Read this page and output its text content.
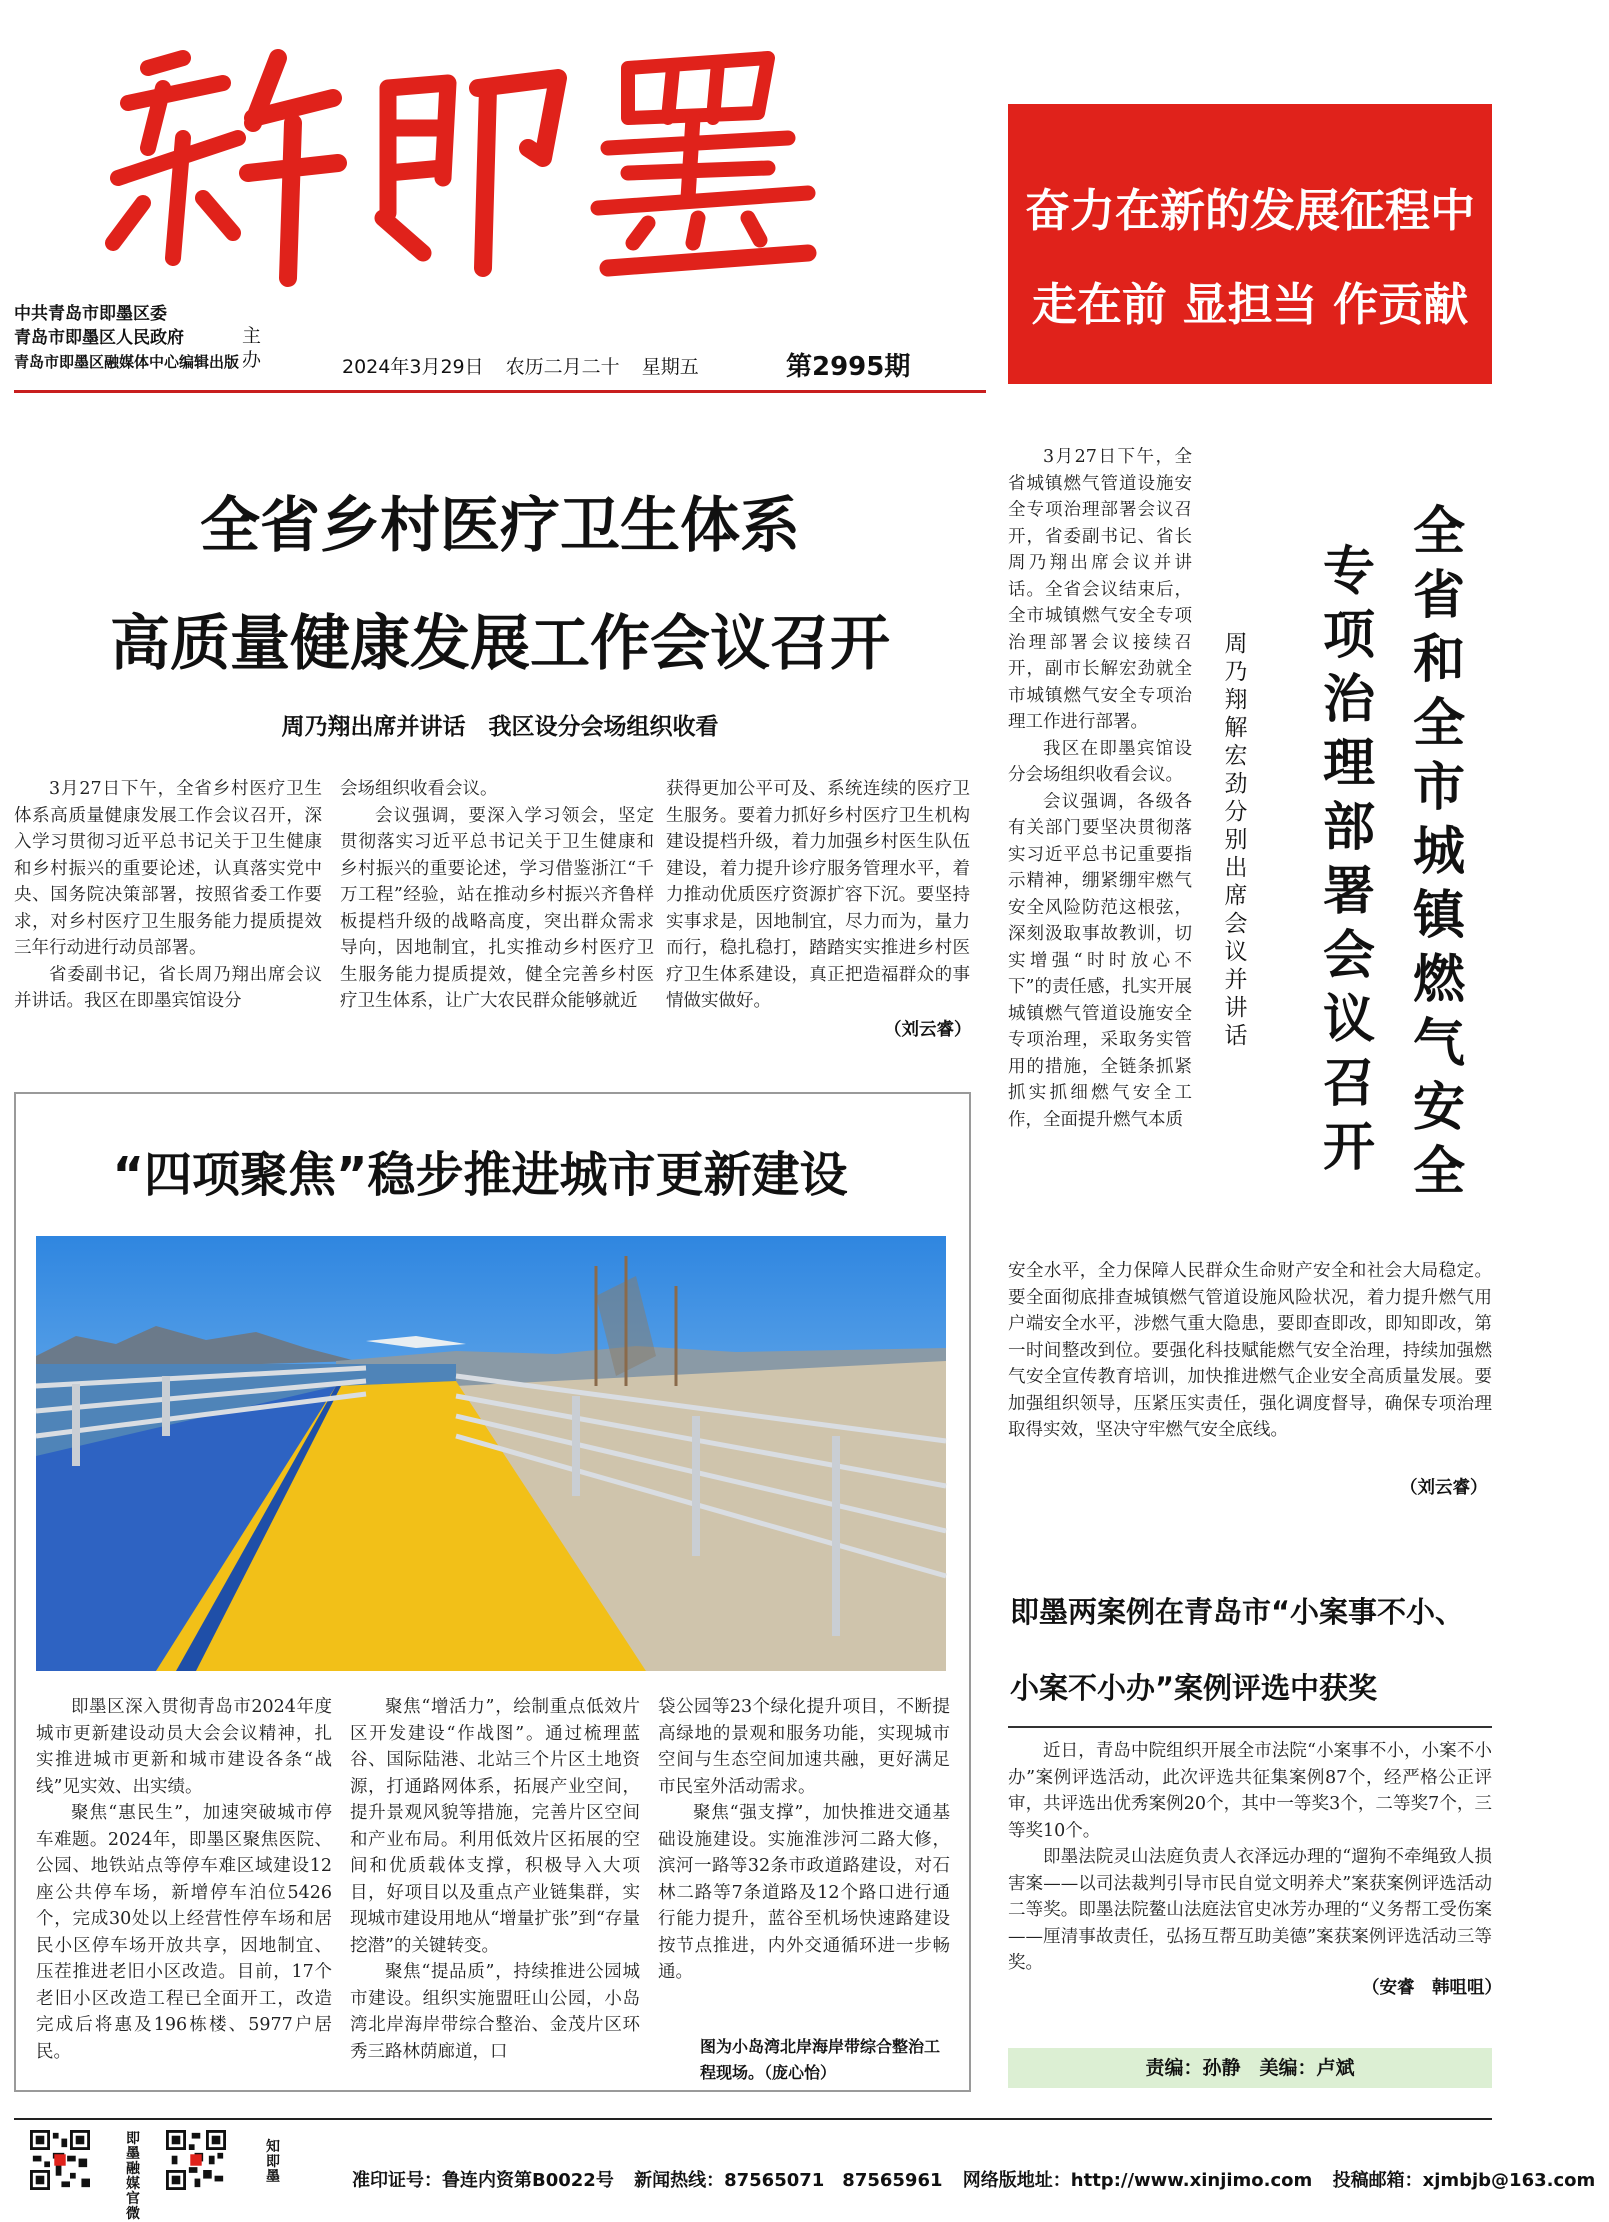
中共青岛市即墨区委
青岛市即墨区人民政府
青岛市即墨区融媒体中心编辑出版
主办	2024年3月29日 农历二月二十 星期五	第2995期
奋力在新的发展征程中
走在前 显担当 作贡献
全省乡村医疗卫生体系
高质量健康发展工作会议召开
周乃翔出席并讲话　我区设分会场组织收看

3月27日下午，全省乡村医疗卫生体系高质量健康发展工作会议召开，深入学习贯彻习近平总书记关于卫生健康和乡村振兴的重要论述，认真落实党中央、国务院决策部署，按照省委工作要求，对乡村医疗卫生服务能力提质提效三年行动进行动员部署。

省委副书记，省长周乃翔出席会议并讲话。我区在即墨宾馆设分

会场组织收看会议。

会议强调，要深入学习领会，坚定贯彻落实习近平总书记关于卫生健康和乡村振兴的重要论述，学习借鉴浙江“千万工程”经验，站在推动乡村振兴齐鲁样板提档升级的战略高度，突出群众需求导向，因地制宜，扎实推动乡村医疗卫生服务能力提质提效，健全完善乡村医疗卫生体系，让广大农民群众能够就近

获得更加公平可及、系统连续的医疗卫生服务。要着力抓好乡村医疗卫生机构建设提档升级，着力加强乡村医生队伍建设，着力提升诊疗服务管理水平，着力推动优质医疗资源扩容下沉。要坚持实事求是，因地制宜，尽力而为，量力而行，稳扎稳打，踏踏实实推进乡村医疗卫生体系建设，真正把造福群众的事情做实做好。

（刘云睿）
“四项聚焦”稳步推进城市更新建设

即墨区深入贯彻青岛市2024年度城市更新建设动员大会会议精神，扎实推进城市更新和城市建设各条“战线”见实效、出实绩。

聚焦“惠民生”，加速突破城市停车难题。2024年，即墨区聚焦医院、公园、地铁站点等停车难区域建设12座公共停车场，新增停车泊位5426个，完成30处以上经营性停车场和居民小区停车场开放共享，因地制宜、压茬推进老旧小区改造。目前，17个老旧小区改造工程已全面开工，改造完成后将惠及196栋楼、5977户居民。

聚焦“增活力”，绘制重点低效片区开发建设“作战图”。通过梳理蓝谷、国际陆港、北站三个片区土地资源，打通路网体系，拓展产业空间，提升景观风貌等措施，完善片区空间和产业布局。利用低效片区拓展的空间和优质载体支撑，积极导入大项目，好项目以及重点产业链集群，实现城市建设用地从“增量扩张”到“存量挖潜”的关键转变。

聚焦“提品质”，持续推进公园城市建设。组织实施盟旺山公园，小岛湾北岸海岸带综合整治、金茂片区环秀三路林荫廊道，口

袋公园等23个绿化提升项目，不断提高绿地的景观和服务功能，实现城市空间与生态空间加速共融，更好满足市民室外活动需求。

聚焦“强支撑”，加快推进交通基础设施建设。实施淮涉河二路大修，滨河一路等32条市政道路建设，对石林二路等7条道路及12个路口进行通行能力提升，蓝谷至机场快速路建设按节点推进，内外交通循环进一步畅通。

图为小岛湾北岸海岸带综合整治工程现场。（庞心怡）

3月27日下午，全省城镇燃气管道设施安全专项治理部署会议召开，省委副书记、省长周乃翔出席会议并讲话。全省会议结束后，全市城镇燃气安全专项治理部署会议接续召开，副市长解宏劲就全市城镇燃气安全专项治理工作进行部署。

我区在即墨宾馆设分会场组织收看会议。

会议强调，各级各有关部门要坚决贯彻落实习近平总书记重要指示精神，绷紧绷牢燃气安全风险防范这根弦，深刻汲取事故教训，切实增强“时时放心不下”的责任感，扎实开展城镇燃气管道设施安全专项治理，采取务实管用的措施，全链条抓紧抓实抓细燃气安全工作，全面提升燃气本质

周乃翔　解宏劲分别出席会议并讲话
全省和全市城镇燃气安全
专项治理部署会议召开

安全水平，全力保障人民群众生命财产安全和社会大局稳定。要全面彻底排查城镇燃气管道设施风险状况，着力提升燃气用户端安全水平，涉燃气重大隐患，要即查即改，即知即改，第一时间整改到位。要强化科技赋能燃气安全治理，持续加强燃气安全宣传教育培训，加快推进燃气企业安全高质量发展。要加强组织领导，压紧压实责任，强化调度督导，确保专项治理取得实效，坚决守牢燃气安全底线。

（刘云睿）
即墨两案例在青岛市“小案事不小、
小案不小办”案例评选中获奖

近日，青岛中院组织开展全市法院“小案事不小，小案不小办”案例评选活动，此次评选共征集案例87个，经严格公正评审，共评选出优秀案例20个，其中一等奖3个，二等奖7个，三等奖10个。

即墨法院灵山法庭负责人衣泽远办理的“遛狗不牵绳致人损害案——以司法裁判引导市民自觉文明养犬”案获案例评选活动二等奖。即墨法院鳌山法庭法官史冰芳办理的“义务帮工受伤案——厘清事故责任，弘扬互帮互助美德”案获案例评选活动三等奖。

（安睿　韩咀咀）
责编：孙静　美编：卢斌
即墨融媒官微
知即墨	准印证号：鲁连内资第B0022号 新闻热线：87565071　87565961 网络版地址：http://www.xinjimo.com 投稿邮箱：xjmbjb@163.com
